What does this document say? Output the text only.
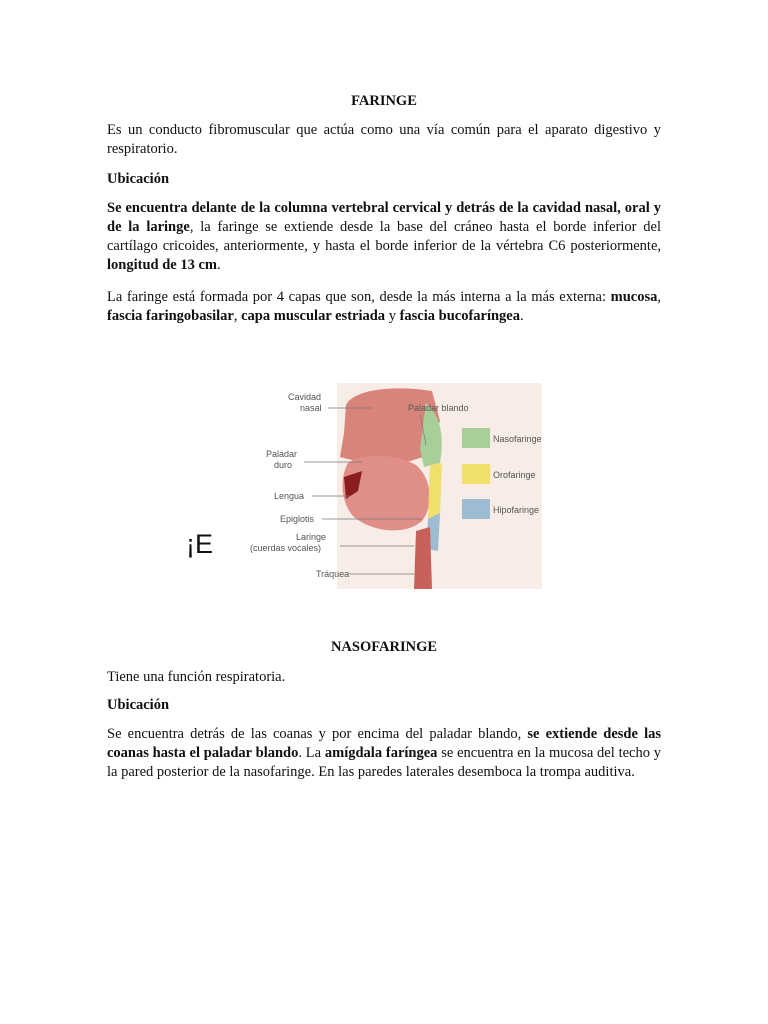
FARINGE

Es un conducto fibromuscular que actúa como una vía común para el aparato digestivo y respiratorio.

Ubicación

Se encuentra delante de la columna vertebral cervical y detrás de la cavidad nasal, oral y de la laringe, la faringe se extiende desde la base del cráneo hasta el borde inferior del cartílago cricoides, anteriormente, y hasta el borde inferior de la vértebra C6 posteriormente, longitud de 13 cm.

La faringe está formada por 4 capas que son, desde la más interna a la más externa: mucosa, fascia faringobasilar, capa muscular estriada y fascia bucofaríngea.

NASOFARINGE

Tiene una función respiratoria.

Ubicación

Se encuentra detrás de las coanas y por encima del paladar blando, se extiende desde las coanas hasta el paladar blando. La amígdala faríngea se encuentra en la mucosa del techo y la pared posterior de la nasofaringe. En las paredes laterales desemboca la trompa auditiva.

¡E
Nasofaringe
Orofaringe
Hipofaringe
Cavidad
nasal	Paladar blando
Paladar
duro
Lengua
Epiglotis
Laringe
(cuerdas vocales)
Tráquea
